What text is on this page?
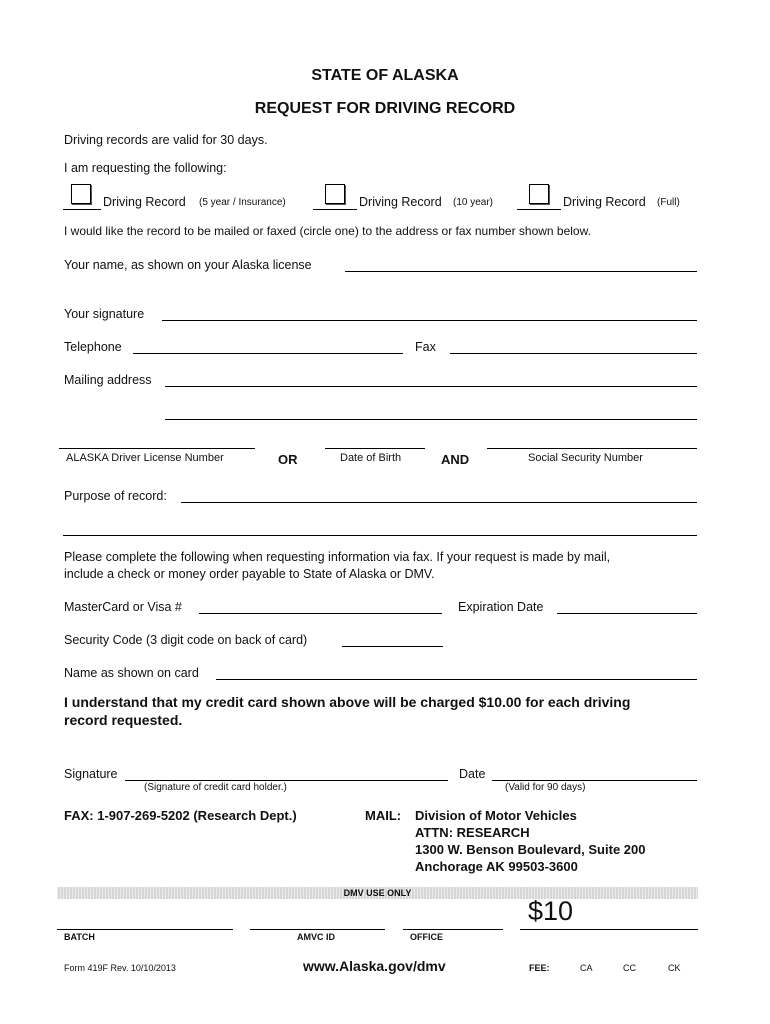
STATE OF ALASKA
REQUEST FOR DRIVING RECORD
Driving records are valid for 30 days.
I am requesting the following:
Driving Record (5 year / Insurance)	Driving Record (10 year)	Driving Record (Full)
I would like the record to be mailed or faxed (circle one) to the address or fax number shown below.
Your name, as shown on your Alaska license
Your signature
Telephone	Fax
Mailing address
ALASKA Driver License Number	OR	Date of Birth	AND	Social Security Number
Purpose of record:
Please complete the following when requesting information via fax. If your request is made by mail,
include a check or money order payable to State of Alaska or DMV.
MasterCard or Visa #	Expiration Date
Security Code (3 digit code on back of card)
Name as shown on card
I understand that my credit card shown above will be charged $10.00 for each driving
record requested.
Signature
(Signature of credit card holder.)
Date
(Valid for 90 days)
FAX: 1-907-269-5202 (Research Dept.)	MAIL: Division of Motor Vehicles
ATTN: RESEARCH
1300 W. Benson Boulevard, Suite 200
Anchorage AK 99503-3600
DMV USE ONLY
$10
BATCH	AMVC ID	OFFICE
Form 419F Rev. 10/10/2013	www.Alaska.gov/dmv	FEE:	CA	CC	CK
